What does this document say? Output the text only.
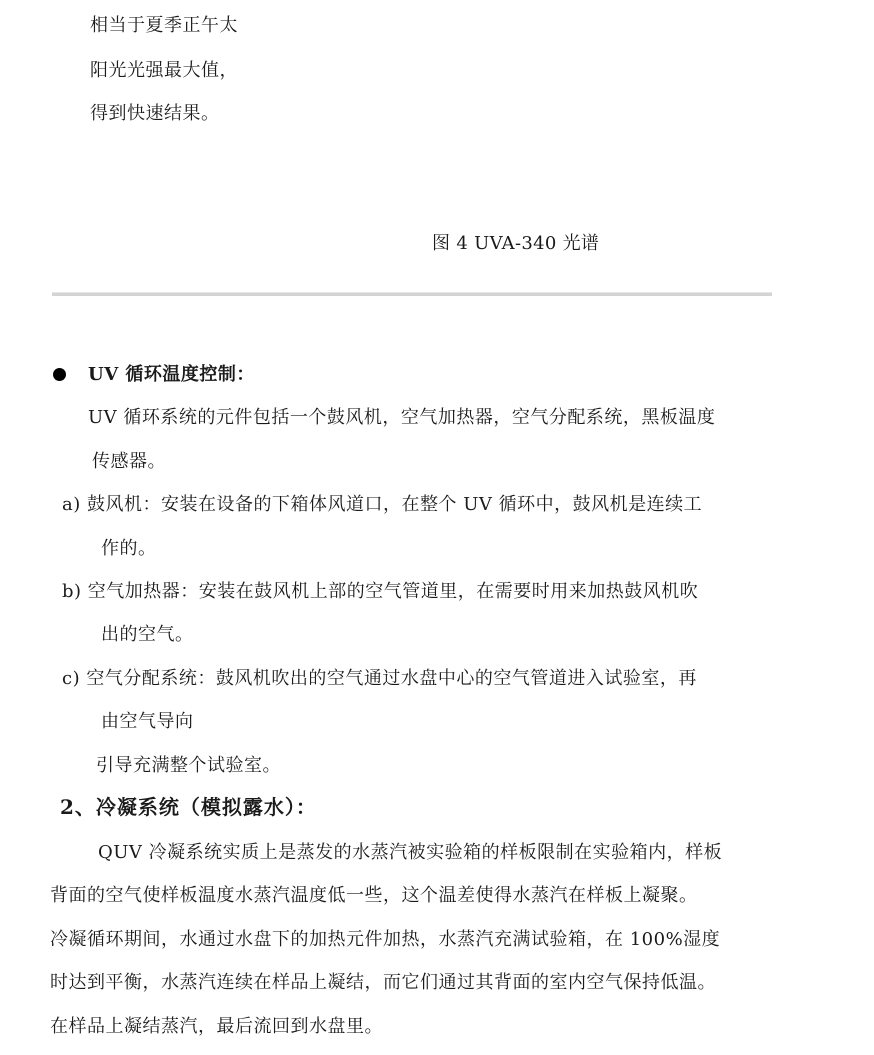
相当于夏季正午太
阳光光强最大值，
得到快速结果。
图 4 UVA-340 光谱
UV 循环温度控制：
UV 循环系统的元件包括一个鼓风机，空气加热器，空气分配系统，黑板温度
传感器。
a) 鼓风机：安装在设备的下箱体风道口，在整个 UV 循环中，鼓风机是连续工
作的。
b) 空气加热器：安装在鼓风机上部的空气管道里，在需要时用来加热鼓风机吹
出的空气。
c) 空气分配系统：鼓风机吹出的空气通过水盘中心的空气管道进入试验室，再
由空气导向
引导充满整个试验室。
2、冷凝系统（模拟露水）：
QUV 冷凝系统实质上是蒸发的水蒸汽被实验箱的样板限制在实验箱内，样板
背面的空气使样板温度水蒸汽温度低一些，这个温差使得水蒸汽在样板上凝聚。
冷凝循环期间，水通过水盘下的加热元件加热，水蒸汽充满试验箱，在 100%湿度
时达到平衡，水蒸汽连续在样品上凝结，而它们通过其背面的室内空气保持低温。
在样品上凝结蒸汽，最后流回到水盘里。
